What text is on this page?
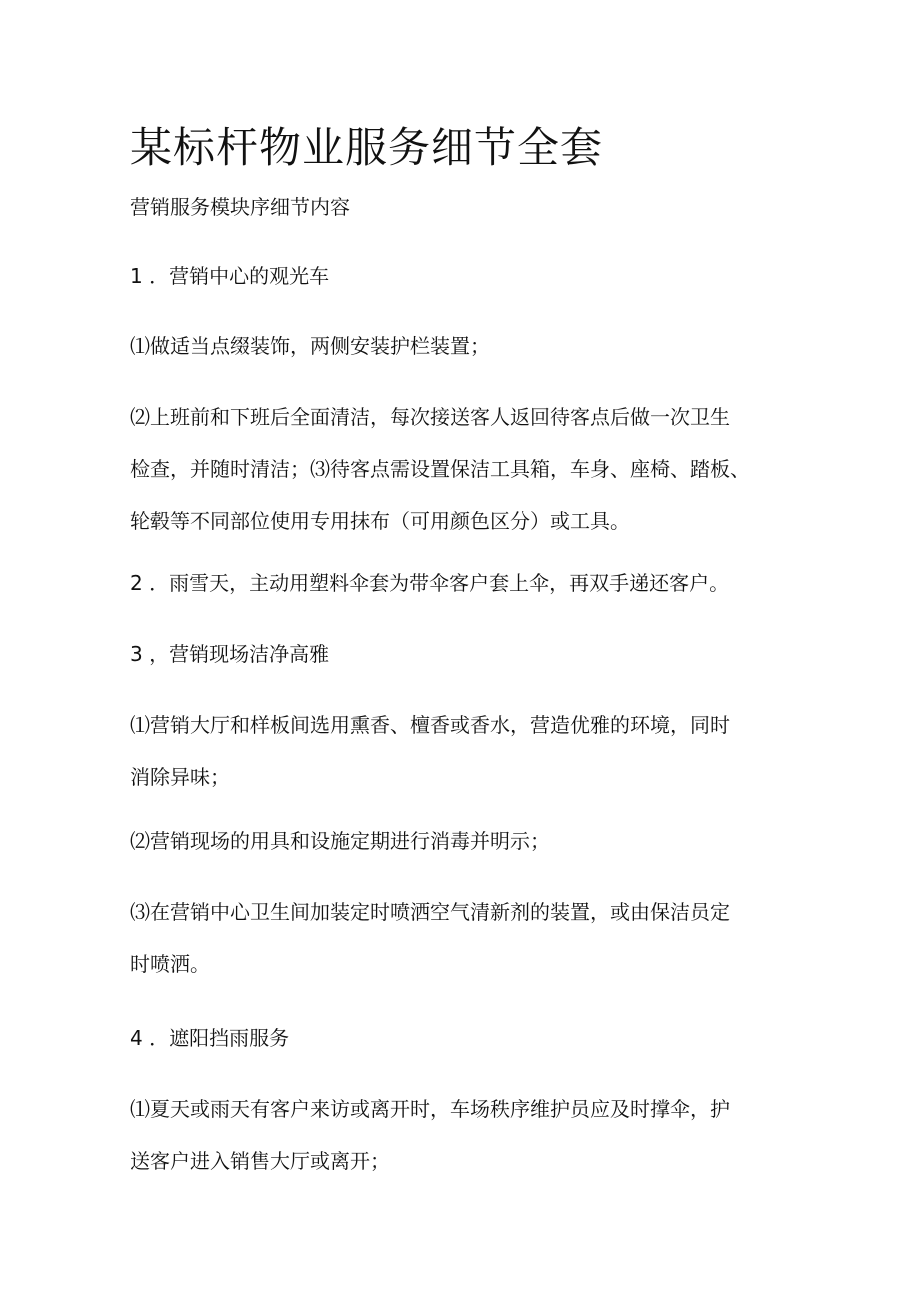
某标杆物业服务细节全套

营销服务模块序细节内容

1 ．营销中心的观光车

⑴做适当点缀装饰，两侧安装护栏装置；

⑵上班前和下班后全面清洁，每次接送客人返回待客点后做一次卫生
检查，并随时清洁；⑶待客点需设置保洁工具箱，车身、座椅、踏板、
轮毂等不同部位使用专用抹布（可用颜色区分）或工具。

2 ．雨雪天，主动用塑料伞套为带伞客户套上伞，再双手递还客户。

3 ，营销现场洁净高雅

⑴营销大厅和样板间选用熏香、檀香或香水，营造优雅的环境，同时
消除异味；

⑵营销现场的用具和设施定期进行消毒并明示；

⑶在营销中心卫生间加装定时喷洒空气清新剂的装置，或由保洁员定
时喷洒。

4 ．遮阳挡雨服务

⑴夏天或雨天有客户来访或离开时，车场秩序维护员应及时撑伞，护
送客户进入销售大厅或离开；
